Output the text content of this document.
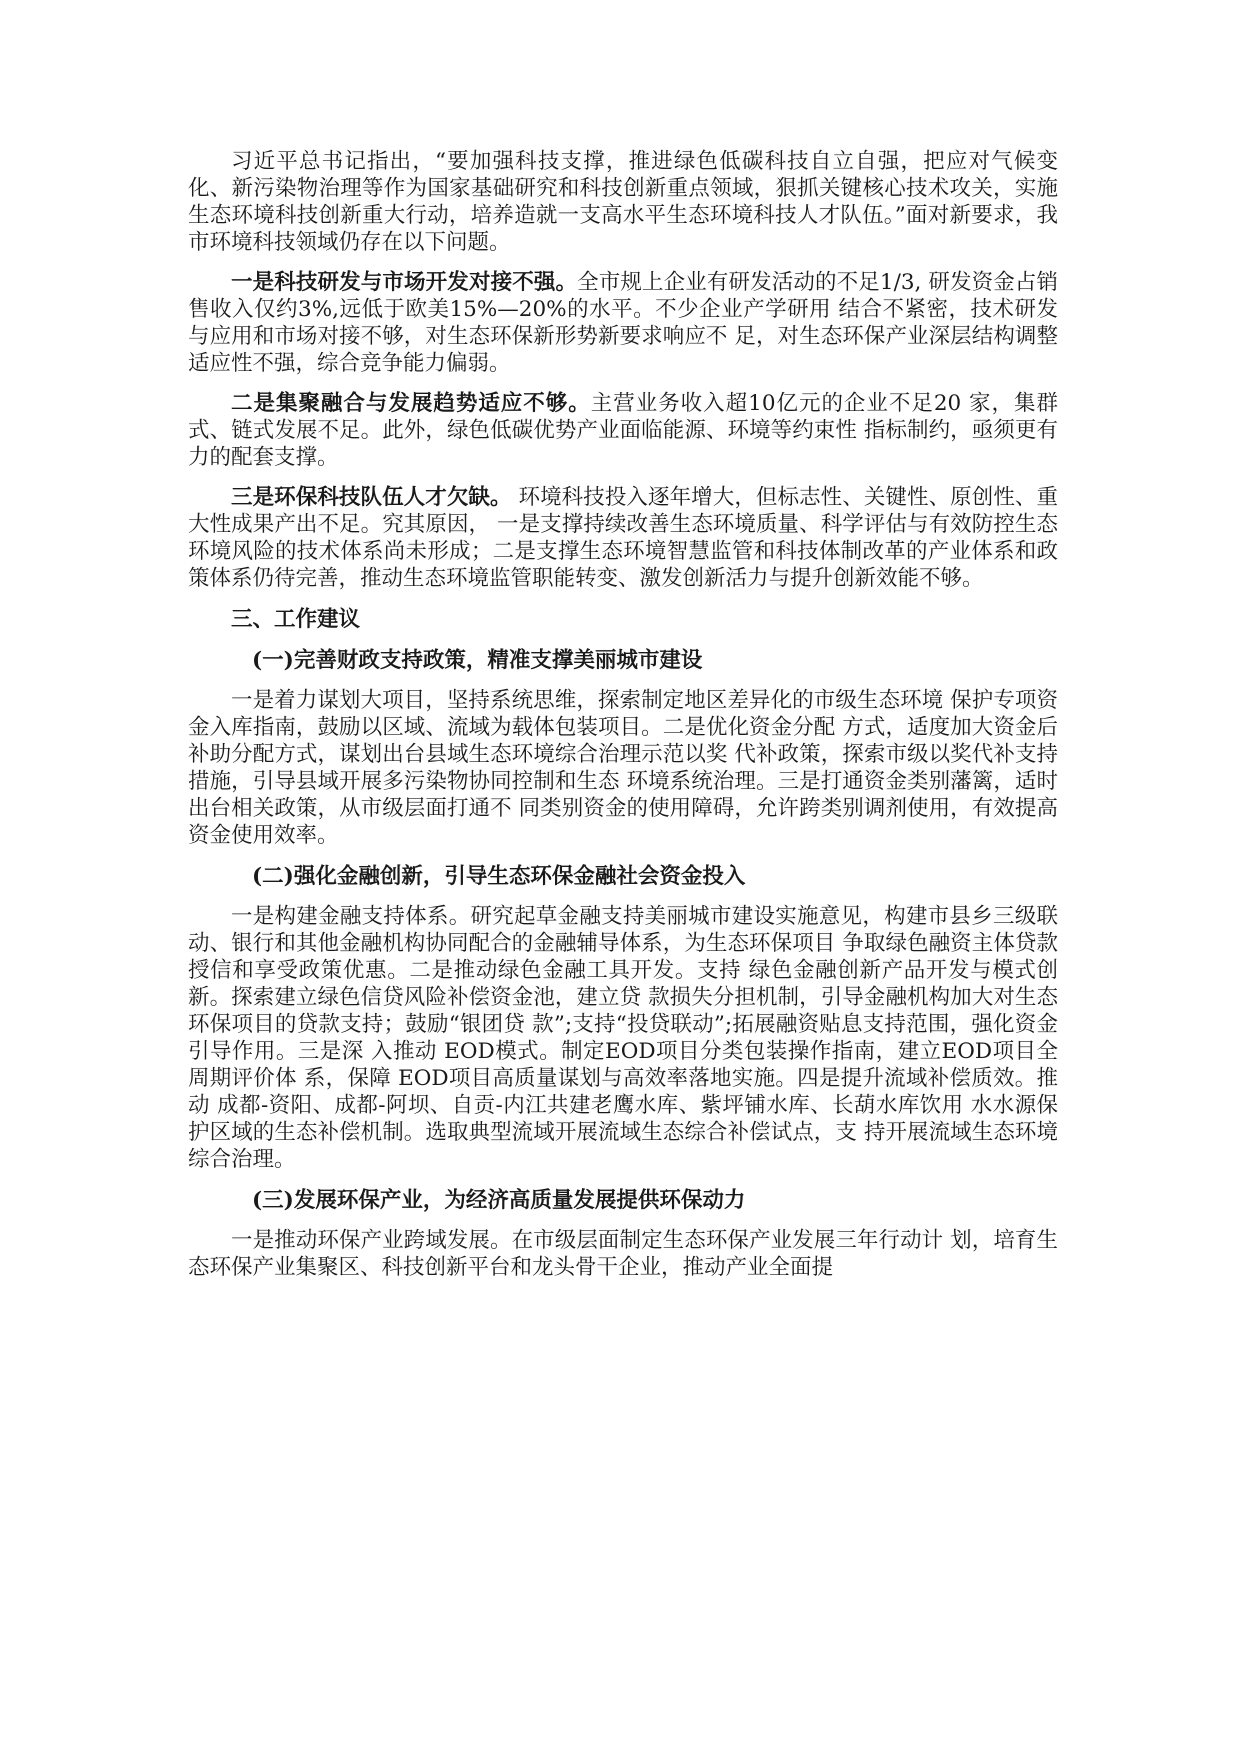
习近平总书记指出，“要加强科技支撑，推进绿色低碳科技自立自强，把应对气候变化、新污染物治理等作为国家基础研究和科技创新重点领域，狠抓关键核心技术攻关，实施生态环境科技创新重大行动，培养造就一支高水平生态环境科技人才队伍。”面对新要求，我市环境科技领域仍存在以下问题。

一是科技研发与市场开发对接不强。全市规上企业有研发活动的不足1/3, 研发资金占销售收入仅约3%,远低于欧美15%—20%的水平。不少企业产学研用 结合不紧密，技术研发与应用和市场对接不够，对生态环保新形势新要求响应不 足，对生态环保产业深层结构调整适应性不强，综合竞争能力偏弱。

二是集聚融合与发展趋势适应不够。主营业务收入超10亿元的企业不足20 家，集群式、链式发展不足。此外，绿色低碳优势产业面临能源、环境等约束性 指标制约，亟须更有力的配套支撑。

三是环保科技队伍人才欠缺。 环境科技投入逐年增大，但标志性、关键性、原创性、重大性成果产出不足。究其原因， 一是支撑持续改善生态环境质量、科学评估与有效防控生态环境风险的技术体系尚未形成；二是支撑生态环境智慧监管和科技体制改革的产业体系和政策体系仍待完善，推动生态环境监管职能转变、激发创新活力与提升创新效能不够。

三、工作建议

(一)完善财政支持政策，精准支撑美丽城市建设

一是着力谋划大项目，坚持系统思维，探索制定地区差异化的市级生态环境 保护专项资金入库指南，鼓励以区域、流域为载体包装项目。二是优化资金分配 方式，适度加大资金后补助分配方式，谋划出台县域生态环境综合治理示范以奖 代补政策，探索市级以奖代补支持措施，引导县域开展多污染物协同控制和生态 环境系统治理。三是打通资金类别藩篱，适时出台相关政策，从市级层面打通不 同类别资金的使用障碍，允许跨类别调剂使用，有效提高资金使用效率。

(二)强化金融创新，引导生态环保金融社会资金投入

一是构建金融支持体系。研究起草金融支持美丽城市建设实施意见，构建市县乡三级联动、银行和其他金融机构协同配合的金融辅导体系，为生态环保项目 争取绿色融资主体贷款授信和享受政策优惠。二是推动绿色金融工具开发。支持 绿色金融创新产品开发与模式创新。探索建立绿色信贷风险补偿资金池，建立贷 款损失分担机制，引导金融机构加大对生态环保项目的贷款支持；鼓励“银团贷 款”;支持“投贷联动”;拓展融资贴息支持范围，强化资金引导作用。三是深 入推动 EOD模式。制定EOD项目分类包装操作指南，建立EOD项目全周期评价体 系，保障 EOD项目高质量谋划与高效率落地实施。四是提升流域补偿质效。推动 成都-资阳、成都-阿坝、自贡-内江共建老鹰水库、紫坪铺水库、长葫水库饮用 水水源保护区域的生态补偿机制。选取典型流域开展流域生态综合补偿试点，支 持开展流域生态环境综合治理。

(三)发展环保产业，为经济高质量发展提供环保动力

一是推动环保产业跨域发展。在市级层面制定生态环保产业发展三年行动计 划，培育生态环保产业集聚区、科技创新平台和龙头骨干企业，推动产业全面提
